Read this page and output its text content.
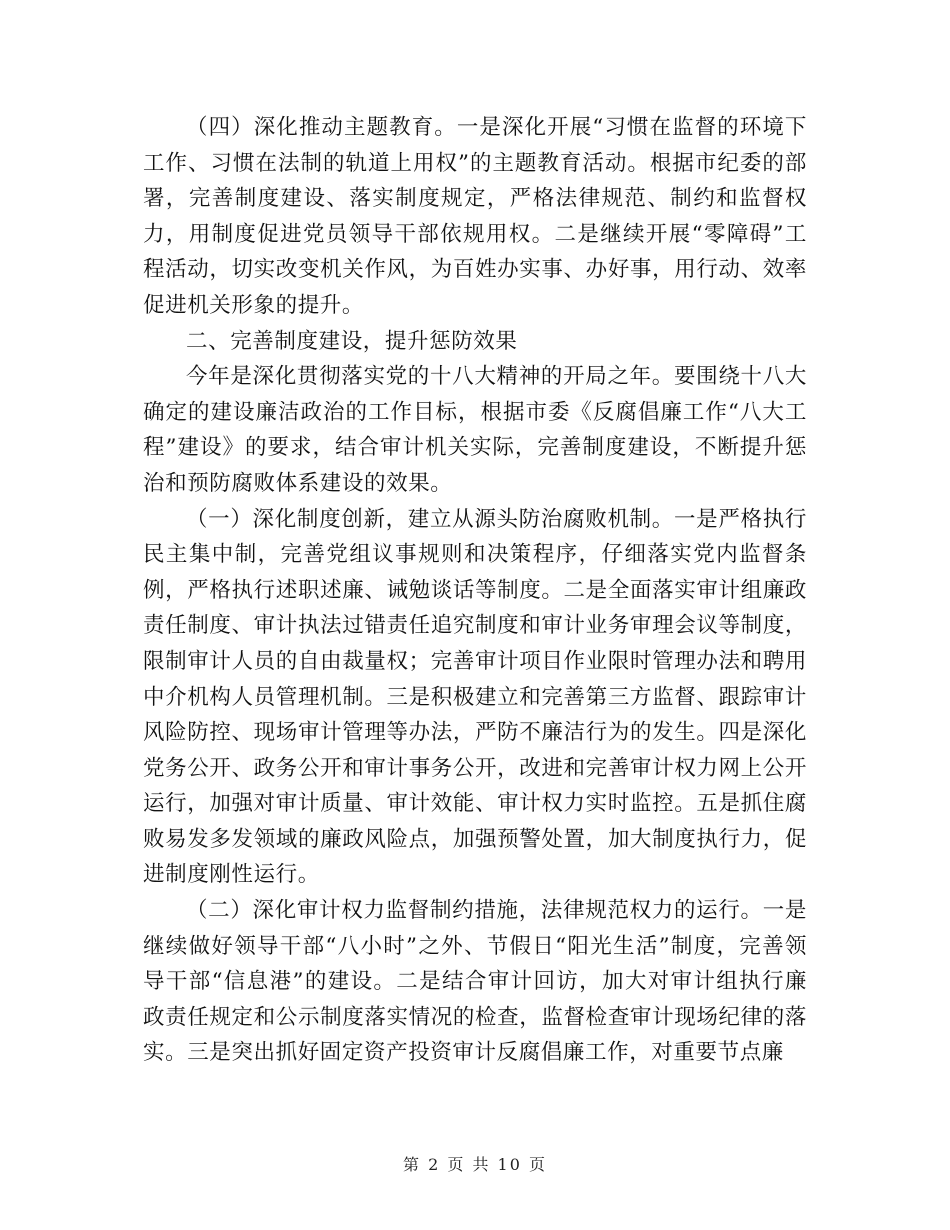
（四）深化推动主题教育。一是深化开展“习惯在监督的环境下工作、习惯在法制的轨道上用权”的主题教育活动。根据市纪委的部署，完善制度建设、落实制度规定，严格法律规范、制约和监督权力，用制度促进党员领导干部依规用权。二是继续开展“零障碍”工程活动，切实改变机关作风，为百姓办实事、办好事，用行动、效率促进机关形象的提升。

二、完善制度建设，提升惩防效果

今年是深化贯彻落实党的十八大精神的开局之年。要围绕十八大确定的建设廉洁政治的工作目标，根据市委《反腐倡廉工作“八大工程”建设》的要求，结合审计机关实际，完善制度建设，不断提升惩治和预防腐败体系建设的效果。

（一）深化制度创新，建立从源头防治腐败机制。一是严格执行民主集中制，完善党组议事规则和决策程序，仔细落实党内监督条例，严格执行述职述廉、诫勉谈话等制度。二是全面落实审计组廉政责任制度、审计执法过错责任追究制度和审计业务审理会议等制度，限制审计人员的自由裁量权；完善审计项目作业限时管理办法和聘用中介机构人员管理机制。三是积极建立和完善第三方监督、跟踪审计风险防控、现场审计管理等办法，严防不廉洁行为的发生。四是深化党务公开、政务公开和审计事务公开，改进和完善审计权力网上公开运行，加强对审计质量、审计效能、审计权力实时监控。五是抓住腐败易发多发领域的廉政风险点，加强预警处置，加大制度执行力，促进制度刚性运行。

（二）深化审计权力监督制约措施，法律规范权力的运行。一是继续做好领导干部“八小时”之外、节假日“阳光生活”制度，完善领导干部“信息港”的建设。二是结合审计回访，加大对审计组执行廉政责任规定和公示制度落实情况的检查，监督检查审计现场纪律的落实。三是突出抓好固定资产投资审计反腐倡廉工作，对重要节点廉

第 2 页 共 10 页
